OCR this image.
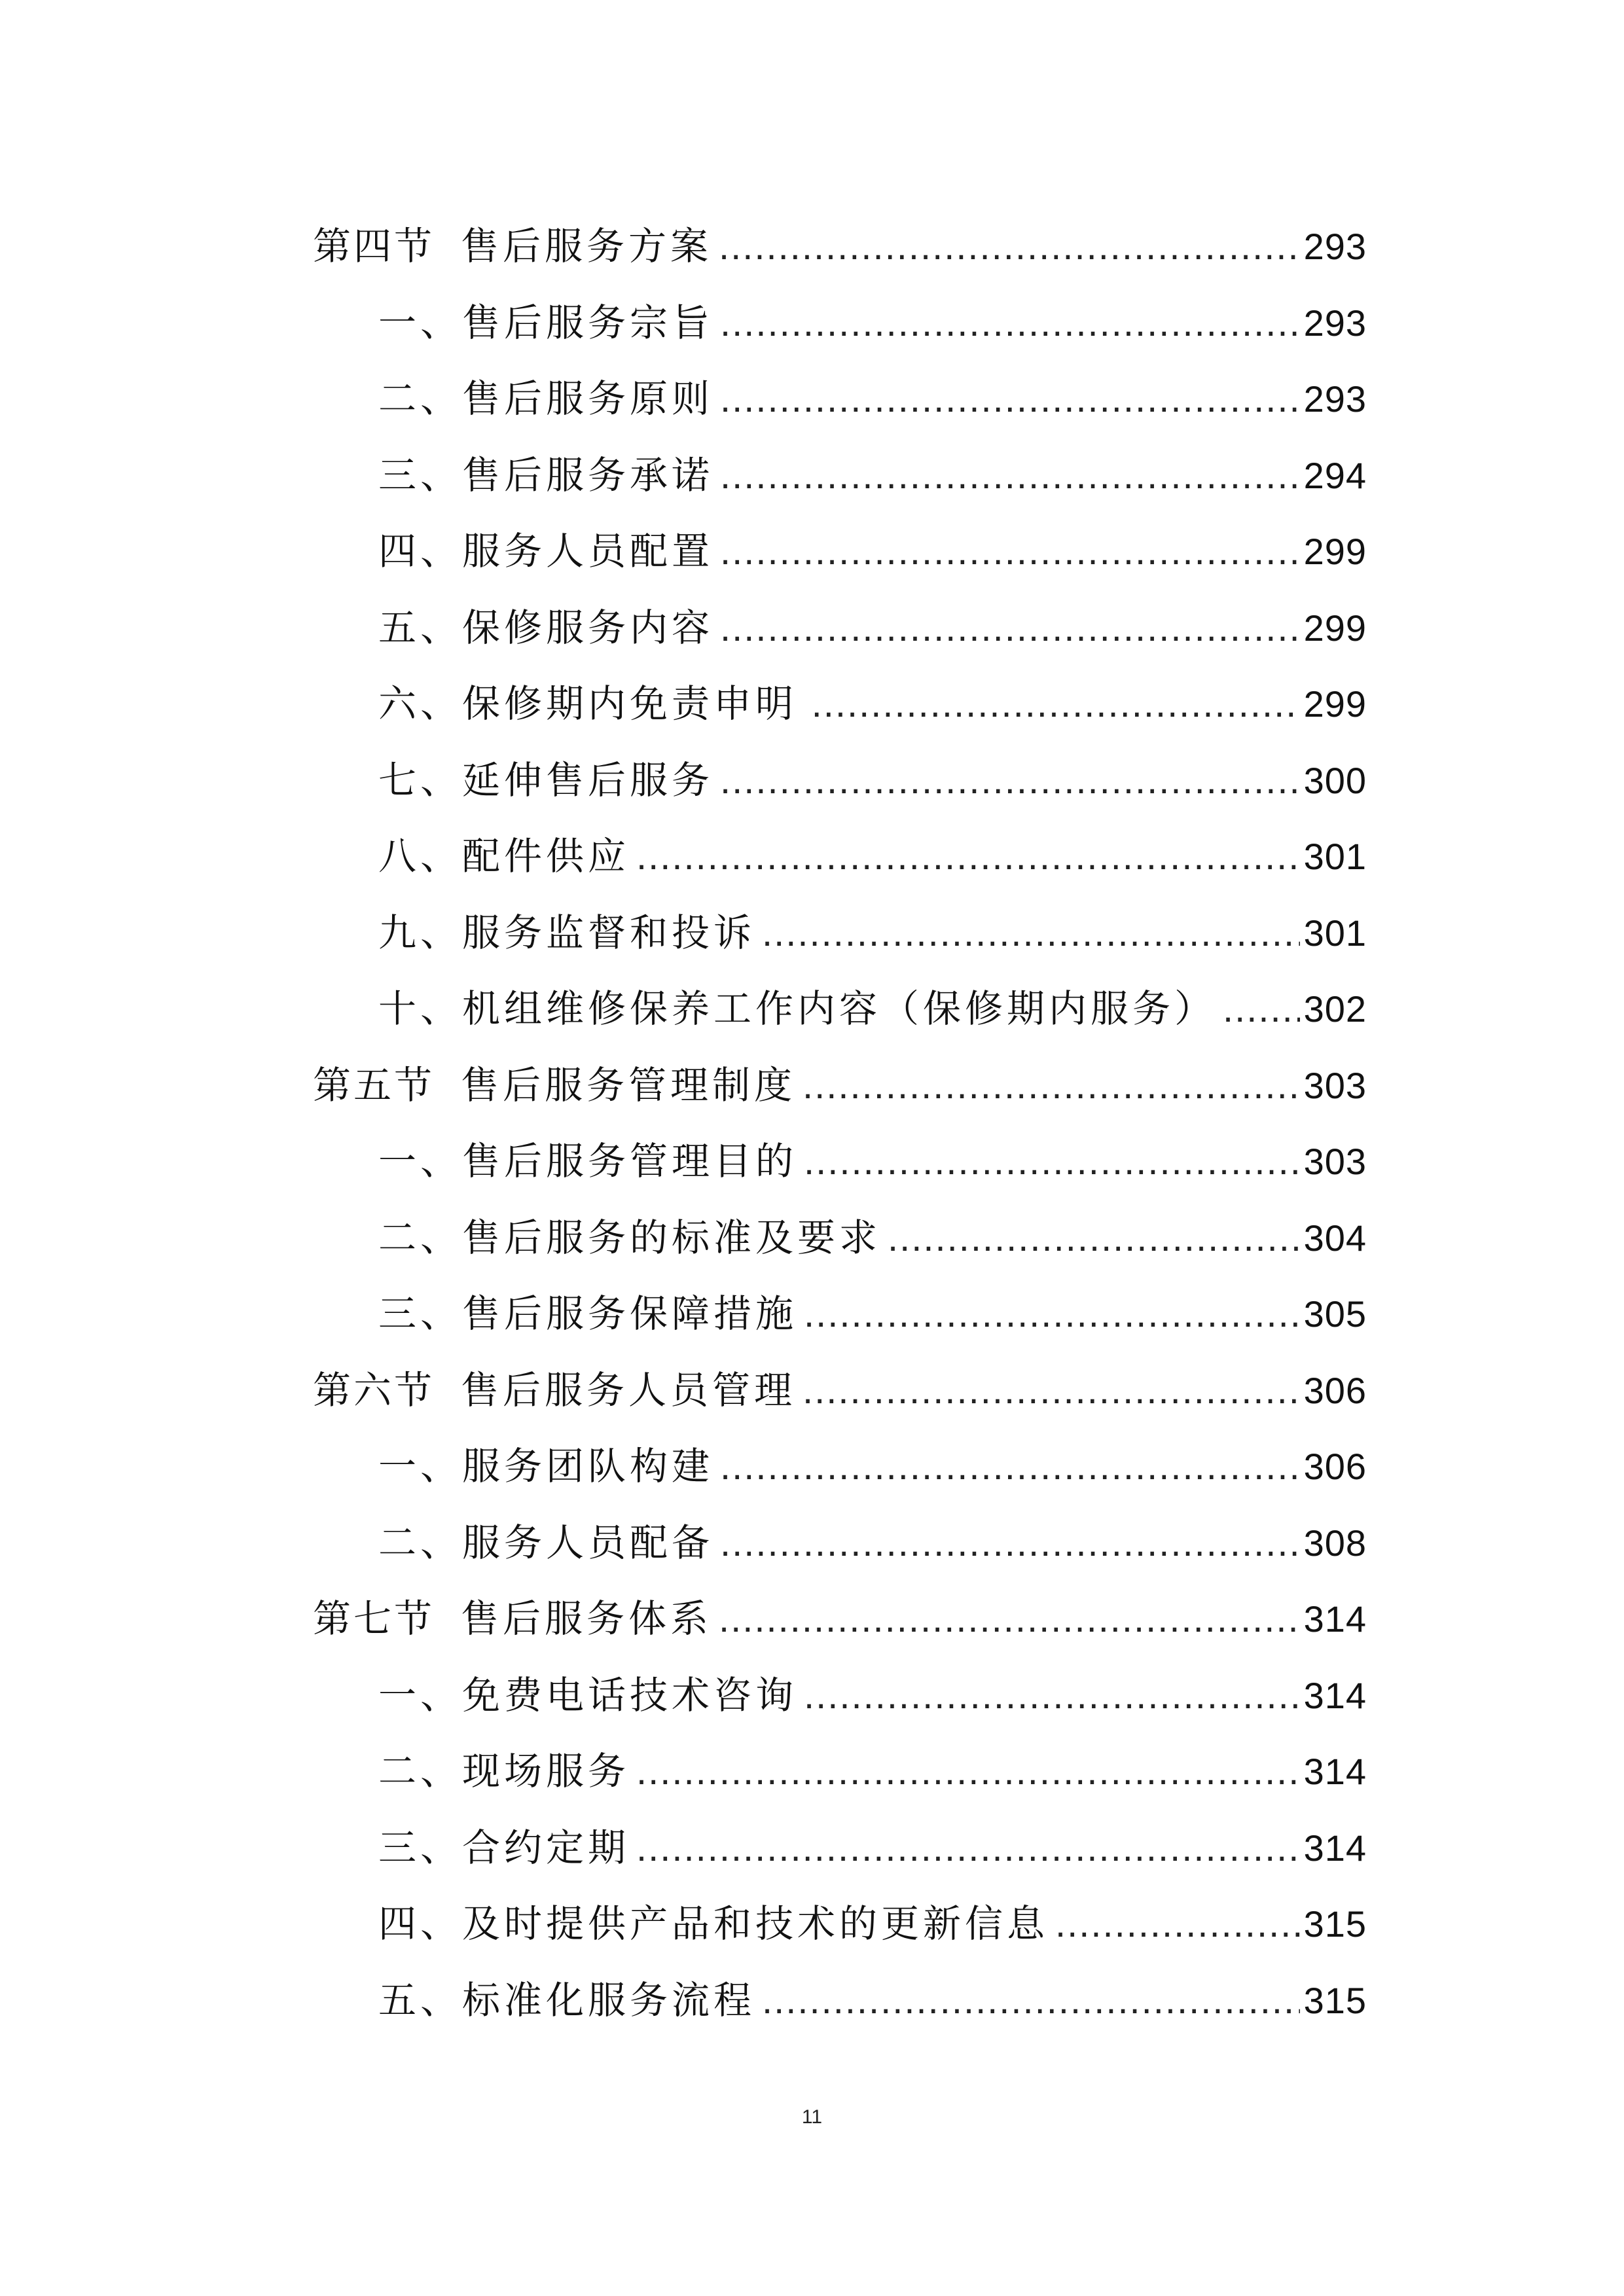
第四节 售后服务方案 .....	293
一、售后服务宗旨 .....	293
二、售后服务原则 .....	293
三、售后服务承诺 .....	294
四、服务人员配置 .....	299
五、保修服务内容 .....	299
六、保修期内免责申明 .....	299
七、延伸售后服务 .....	300
八、配件供应 .....	301
九、服务监督和投诉 .....	301
十、机组维修保养工作内容（保修期内服务） ..... 302
第五节 售后服务管理制度 .....	303
一、售后服务管理目的 .....	303
二、售后服务的标准及要求 .....	304
三、售后服务保障措施 .....	305
第六节 售后服务人员管理 .....	306
一、服务团队构建 .....	306
二、服务人员配备 .....	308
第七节 售后服务体系 .....	314
一、免费电话技术咨询 .....	314
二、现场服务 .....	314
三、合约定期 .....	314
四、及时提供产品和技术的更新信息 .....	315
五、标准化服务流程 .....	315
11
